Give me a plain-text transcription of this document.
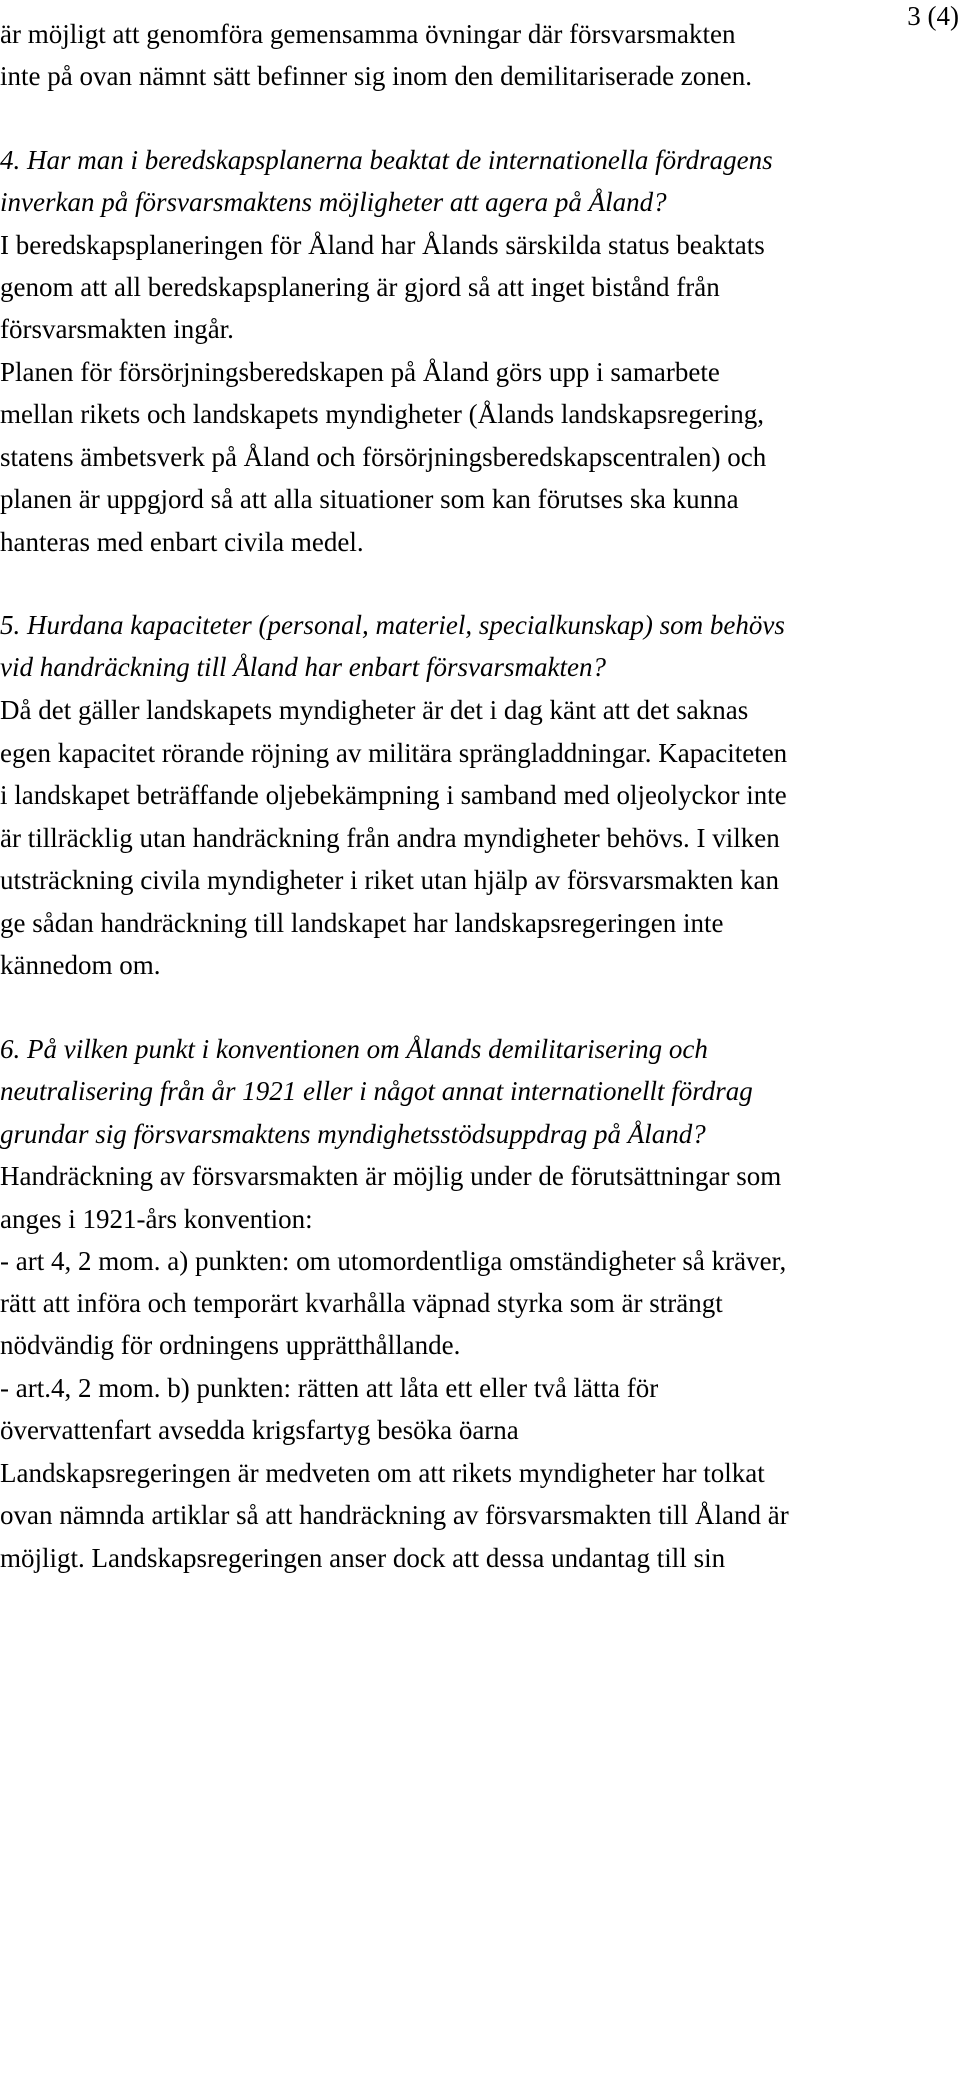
3 (4)
är möjligt att genomföra gemensamma övningar där försvarsmakten
inte på ovan nämnt sätt befinner sig inom den demilitariserade zonen.
4. Har man i beredskapsplanerna beaktat de internationella fördragens
inverkan på försvarsmaktens möjligheter att agera på Åland?
I beredskapsplaneringen för Åland har Ålands särskilda status beaktats
genom att all beredskapsplanering är gjord så att inget bistånd från
försvarsmakten ingår.
Planen för försörjningsberedskapen på Åland görs upp i samarbete
mellan rikets och landskapets myndigheter (Ålands landskapsregering,
statens ämbetsverk på Åland och försörjningsberedskapscentralen) och
planen är uppgjord så att alla situationer som kan förutses ska kunna
hanteras med enbart civila medel.
5. Hurdana kapaciteter (personal, materiel, specialkunskap) som behövs
vid handräckning till Åland har enbart försvarsmakten?
Då det gäller landskapets myndigheter är det i dag känt att det saknas
egen kapacitet rörande röjning av militära sprängladdningar. Kapaciteten
i landskapet beträffande oljebekämpning i samband med oljeolyckor inte
är tillräcklig utan handräckning från andra myndigheter behövs. I vilken
utsträckning civila myndigheter i riket utan hjälp av försvarsmakten kan
ge sådan handräckning till landskapet har landskapsregeringen inte
kännedom om.
6. På vilken punkt i konventionen om Ålands demilitarisering och
neutralisering från år 1921 eller i något annat internationellt fördrag
grundar sig försvarsmaktens myndighetsstödsuppdrag på Åland?
Handräckning av försvarsmakten är möjlig under de förutsättningar som
anges i 1921-års konvention:
- art 4, 2 mom. a) punkten: om utomordentliga omständigheter så kräver,
rätt att införa och temporärt kvarhålla väpnad styrka som är strängt
nödvändig för ordningens upprätthållande.
- art.4, 2 mom. b) punkten: rätten att låta ett eller två lätta för
övervattenfart avsedda krigsfartyg besöka öarna
Landskapsregeringen är medveten om att rikets myndigheter har tolkat
ovan nämnda artiklar så att handräckning av försvarsmakten till Åland är
möjligt. Landskapsregeringen anser dock att dessa undantag till sin
